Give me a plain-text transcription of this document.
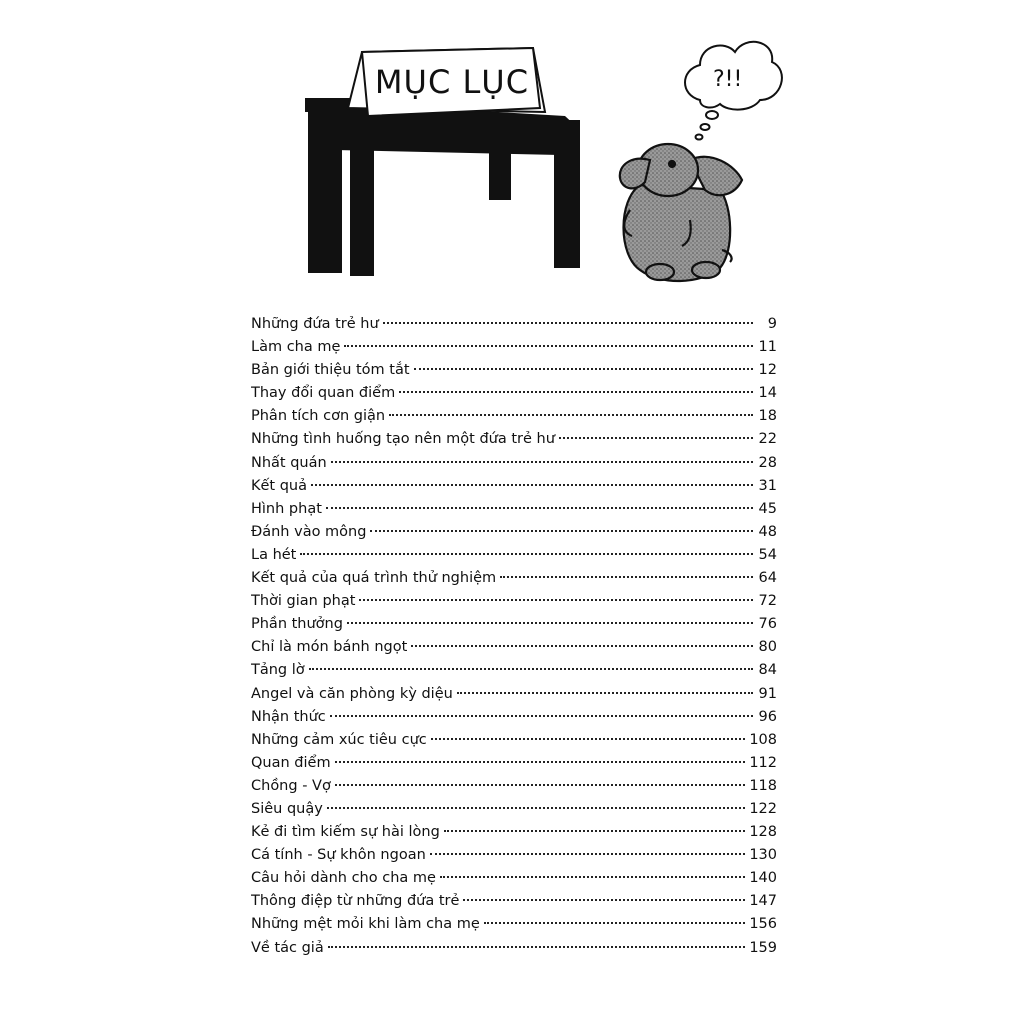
?!!
MỤC LỤC
Những đứa trẻ hư	9
Làm cha mẹ	11
Bản giới thiệu tóm tắt	12
Thay đổi quan điểm	14
Phân tích cơn giận	18
Những tình huống tạo nên một đứa trẻ hư	22
Nhất quán	28
Kết quả	31
Hình phạt	45
Đánh vào mông	48
La hét	54
Kết quả của quá trình thử nghiệm	64
Thời gian phạt	72
Phần thưởng	76
Chỉ là món bánh ngọt	80
Tảng lờ	84
Angel và căn phòng kỳ diệu	91
Nhận thức	96
Những cảm xúc tiêu cực	108
Quan điểm	112
Chồng - Vợ	118
Siêu quậy	122
Kẻ đi tìm kiếm sự hài lòng	128
Cá tính - Sự khôn ngoan	130
Câu hỏi dành cho cha mẹ	140
Thông điệp từ những đứa trẻ	147
Những mệt mỏi khi làm cha mẹ	156
Về tác giả	159
